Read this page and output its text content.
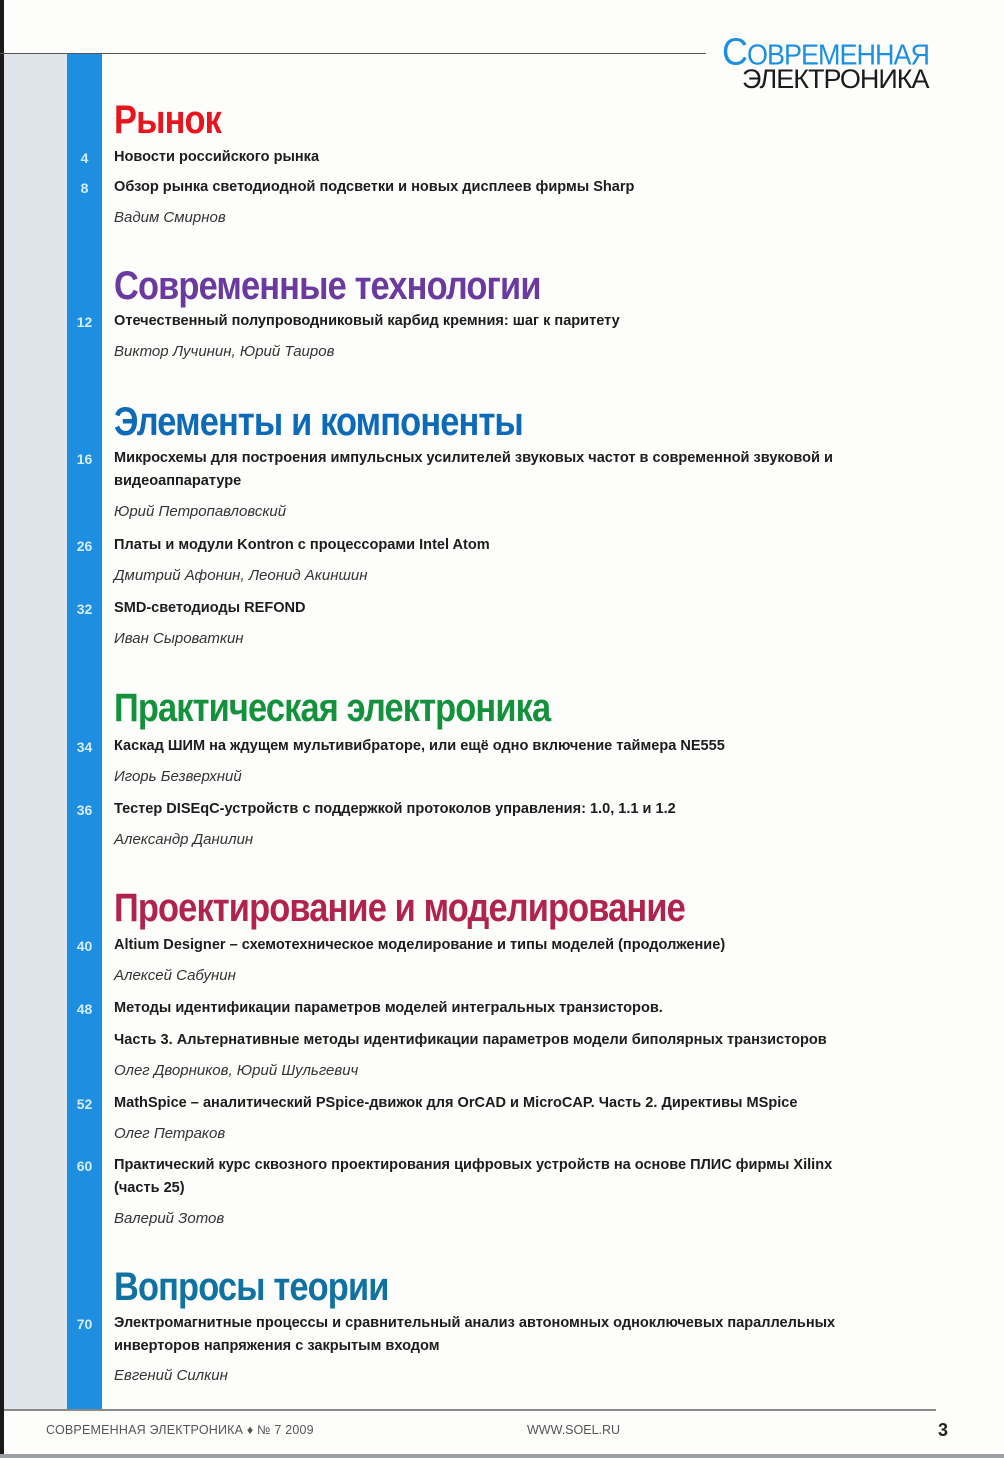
СОВРЕМЕННАЯ
ЭЛЕКТРОНИКА
Рынок
4	Новости российского рынка
8	Обзор рынка светодиодной подсветки и новых дисплеев фирмы Sharp
Вадим Смирнов
Современные технологии
12	Отечественный полупроводниковый карбид кремния: шаг к паритету
Виктор Лучинин, Юрий Таиров
Элементы и компоненты
16	Микросхемы для построения импульсных усилителей звуковых частот в современной звуковой и
видеоаппаратуре
Юрий Петропавловский
26	Платы и модули Kontron с процессорами Intel Atom
Дмитрий Афонин, Леонид Акиншин
32	SMD-светодиоды REFOND
Иван Сыроваткин
Практическая электроника
34	Каскад ШИМ на ждущем мультивибраторе, или ещё одно включение таймера NE555
Игорь Безверхний
36	Тестер DISEqC-устройств с поддержкой протоколов управления: 1.0, 1.1 и 1.2
Александр Данилин
Проектирование и моделирование
40	Altium Designer – схемотехническое моделирование и типы моделей (продолжение)
Алексей Сабунин
48	Методы идентификации параметров моделей интегральных транзисторов.
Часть 3. Альтернативные методы идентификации параметров модели биполярных транзисторов
Олег Дворников, Юрий Шульгевич
52	MathSpice – аналитический PSpice-движок для OrCAD и MicroCAP. Часть 2. Директивы MSpice
Олег Петраков
60	Практический курс сквозного проектирования цифровых устройств на основе ПЛИС фирмы Xilinx
(часть 25)
Валерий Зотов
Вопросы теории
70	Электромагнитные процессы и сравнительный анализ автономных одноключевых параллельных
инверторов напряжения с закрытым входом
Евгений Силкин
СОВРЕМЕННАЯ ЭЛЕКТРОНИКА ♦ № 7 2009	WWW.SOEL.RU	3
